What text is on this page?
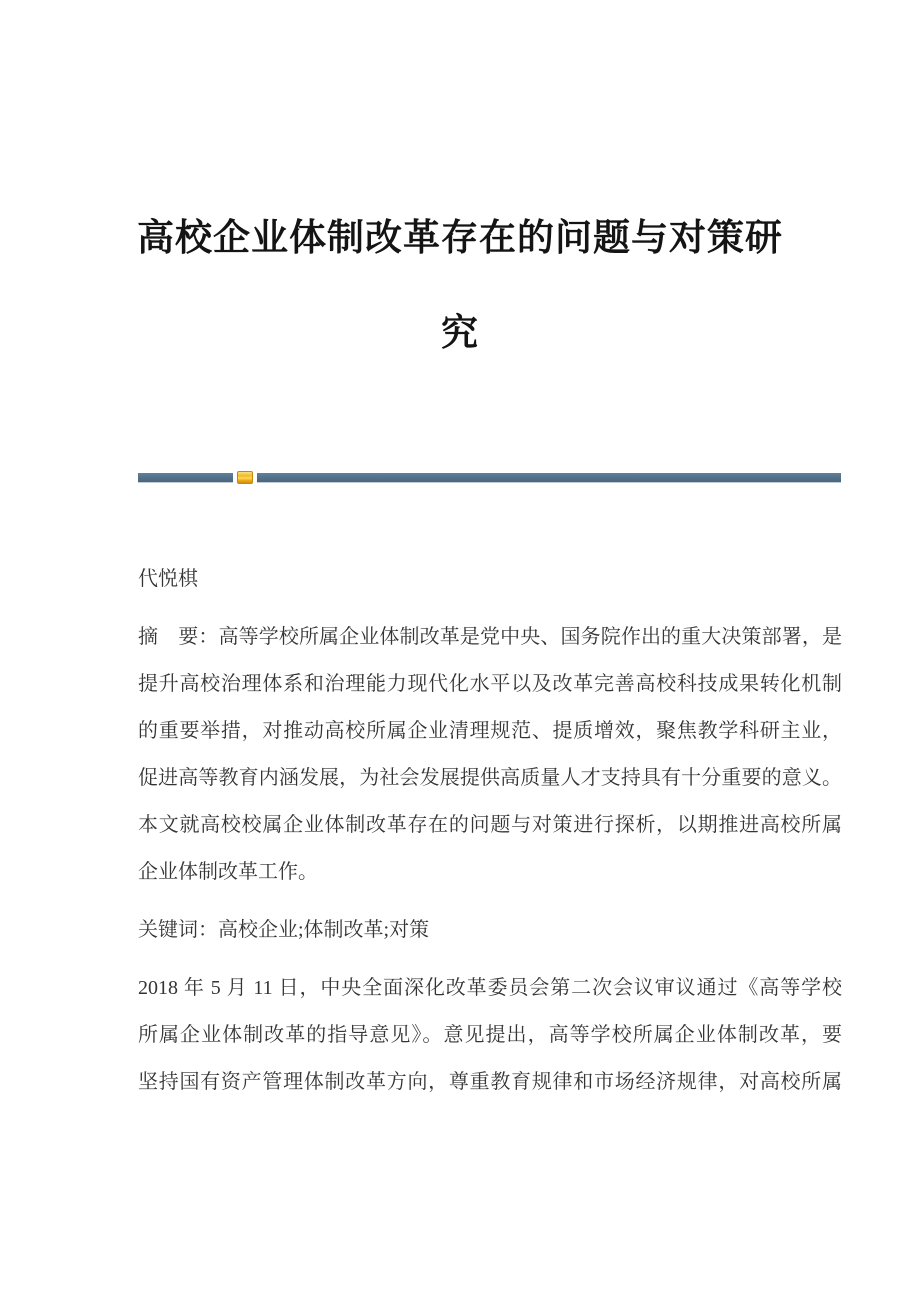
高校企业体制改革存在的问题与对策研
究
代悦棋
摘　要：高等学校所属企业体制改革是党中央、国务院作出的重大决策部署，是
提升高校治理体系和治理能力现代化水平以及改革完善高校科技成果转化机制
的重要举措，对推动高校所属企业清理规范、提质增效，聚焦教学科研主业，
促进高等教育内涵发展，为社会发展提供高质量人才支持具有十分重要的意义。
本文就高校校属企业体制改革存在的问题与对策进行探析，以期推进高校所属
企业体制改革工作。
关键词：高校企业;体制改革;对策
2018 年 5 月 11 日，中央全面深化改革委员会第二次会议审议通过《高等学校
所属企业体制改革的指导意见》。意见提出，高等学校所属企业体制改革，要
坚持国有资产管理体制改革方向，尊重教育规律和市场经济规律，对高校所属
